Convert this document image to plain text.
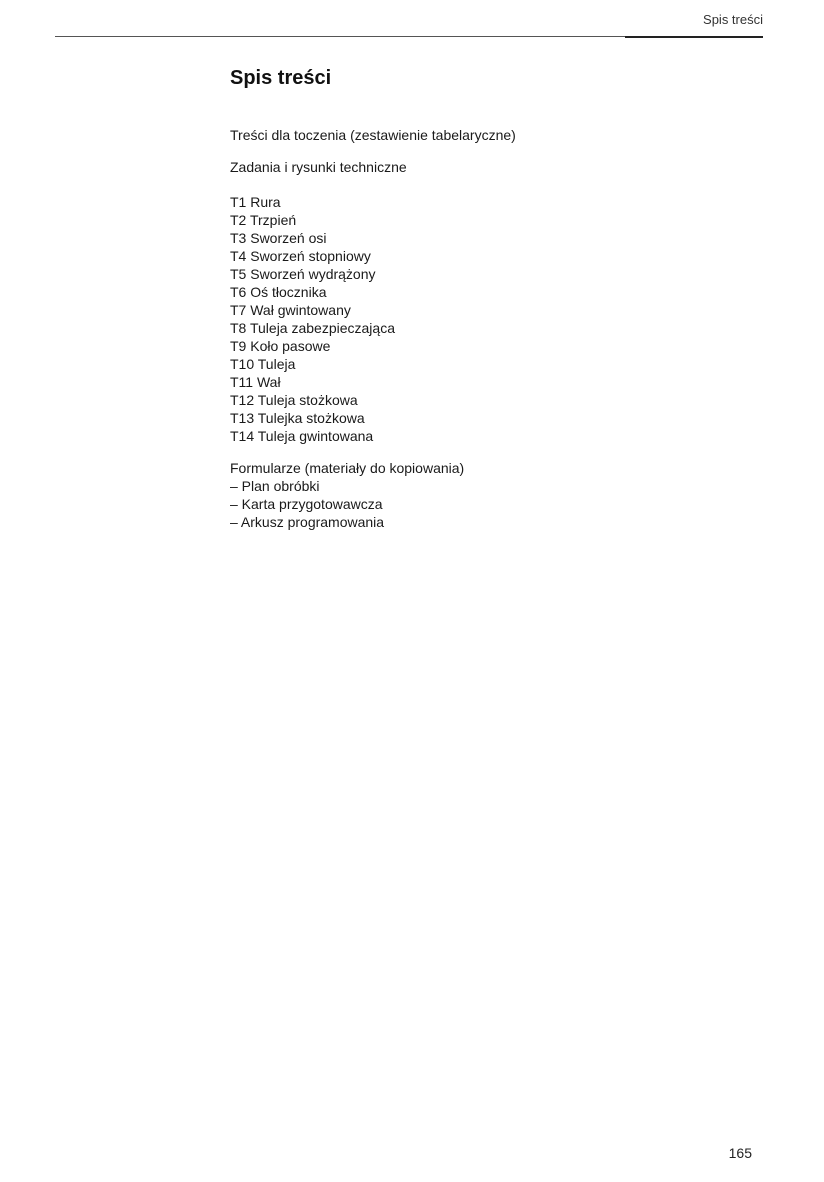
Spis treści
Spis treści

Treści dla toczenia (zestawienie tabelaryczne)

Zadania i rysunki techniczne

T1 Rura
T2 Trzpień
T3 Sworzeń osi
T4 Sworzeń stopniowy
T5 Sworzeń wydrążony
T6 Oś tłocznika
T7 Wał gwintowany
T8 Tuleja zabezpieczająca
T9 Koło pasowe
T10 Tuleja
T11 Wał
T12 Tuleja stożkowa
T13 Tulejka stożkowa
T14 Tuleja gwintowana

Formularze (materiały do kopiowania)

– Plan obróbki
– Karta przygotowawcza
– Arkusz programowania
165
